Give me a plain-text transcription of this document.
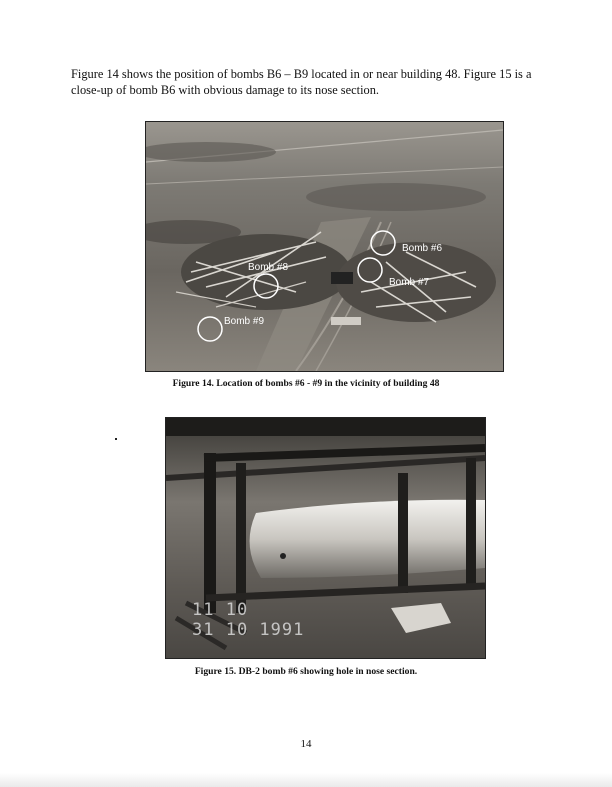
Figure 14 shows the position of bombs B6 – B9 located in or near building 48. Figure 15 is a close-up of bomb B6 with obvious damage to its nose section.

Bomb #6
Bomb #7
Bomb #8
Bomb #9

Figure 14. Location of bombs #6 - #9 in the vicinity of building 48

11 10
31 10 1991

Figure 15. DB-2 bomb #6 showing hole in nose section.

14
